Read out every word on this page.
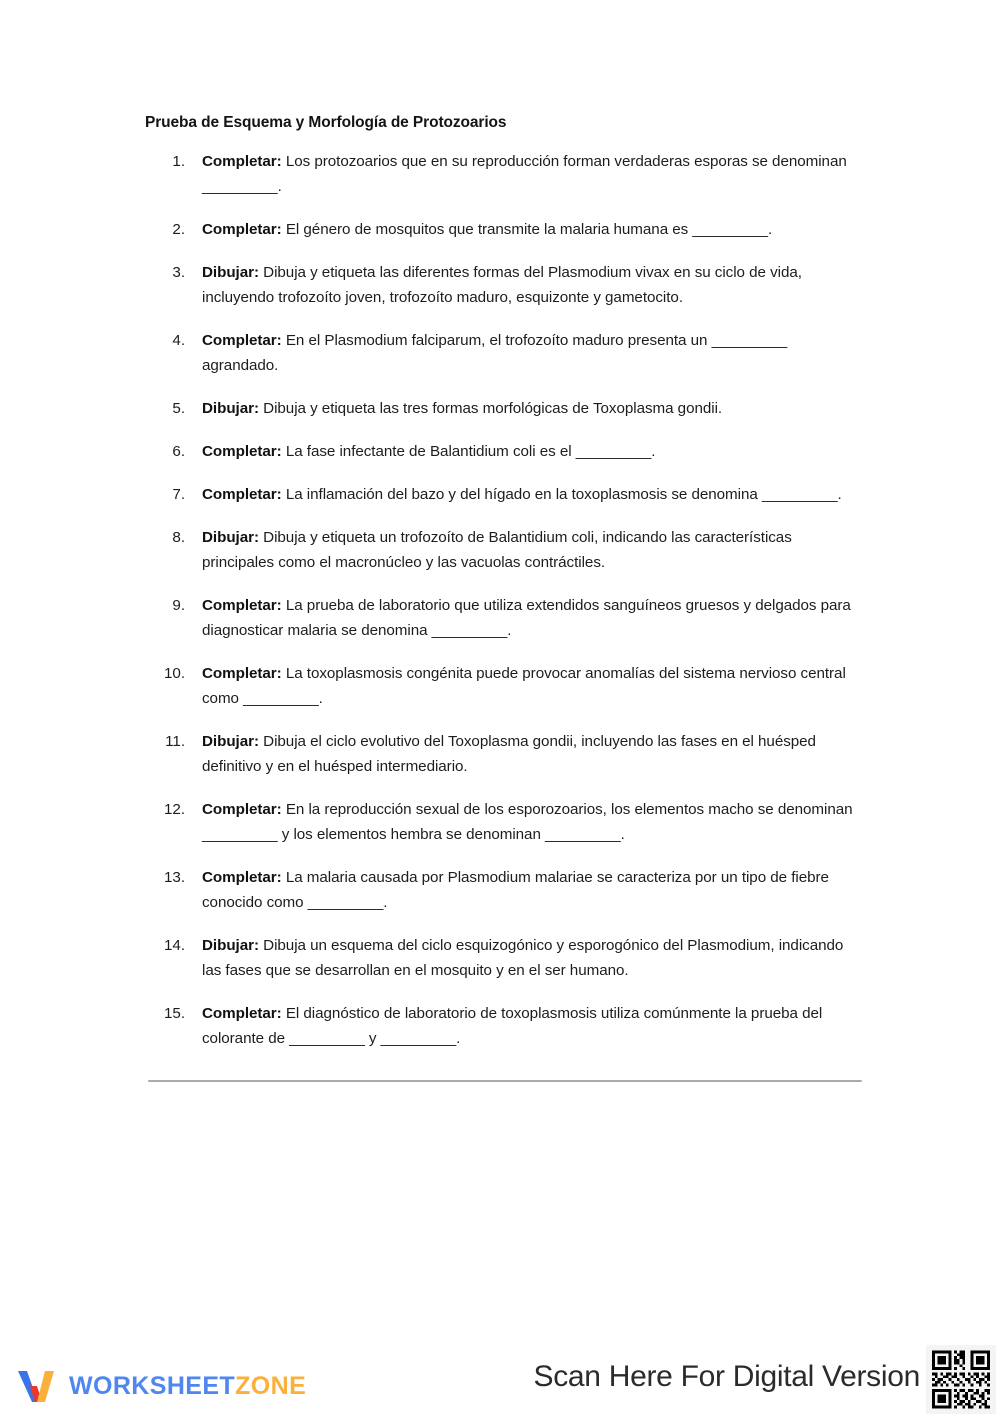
Prueba de Esquema y Morfología de Protozoarios
1. Completar: Los protozoarios que en su reproducción forman verdaderas esporas se denominan _________.
2. Completar: El género de mosquitos que transmite la malaria humana es _________.
3. Dibujar: Dibuja y etiqueta las diferentes formas del Plasmodium vivax en su ciclo de vida, incluyendo trofozoíto joven, trofozoíto maduro, esquizonte y gametocito.
4. Completar: En el Plasmodium falciparum, el trofozoíto maduro presenta un _________ agrandado.
5. Dibujar: Dibuja y etiqueta las tres formas morfológicas de Toxoplasma gondii.
6. Completar: La fase infectante de Balantidium coli es el _________.
7. Completar: La inflamación del bazo y del hígado en la toxoplasmosis se denomina _________.
8. Dibujar: Dibuja y etiqueta un trofozoíto de Balantidium coli, indicando las características principales como el macronúcleo y las vacuolas contráctiles.
9. Completar: La prueba de laboratorio que utiliza extendidos sanguíneos gruesos y delgados para diagnosticar malaria se denomina _________.
10. Completar: La toxoplasmosis congénita puede provocar anomalías del sistema nervioso central como _________.
11. Dibujar: Dibuja el ciclo evolutivo del Toxoplasma gondii, incluyendo las fases en el huésped definitivo y en el huésped intermediario.
12. Completar: En la reproducción sexual de los esporozoarios, los elementos macho se denominan _________ y los elementos hembra se denominan _________.
13. Completar: La malaria causada por Plasmodium malariae se caracteriza por un tipo de fiebre conocido como _________.
14. Dibujar: Dibuja un esquema del ciclo esquizogónico y esporogónico del Plasmodium, indicando las fases que se desarrollan en el mosquito y en el ser humano.
15. Completar: El diagnóstico de laboratorio de toxoplasmosis utiliza comúnmente la prueba del colorante de _________ y _________.
WORKSHEETZONE	Scan Here For Digital Version
